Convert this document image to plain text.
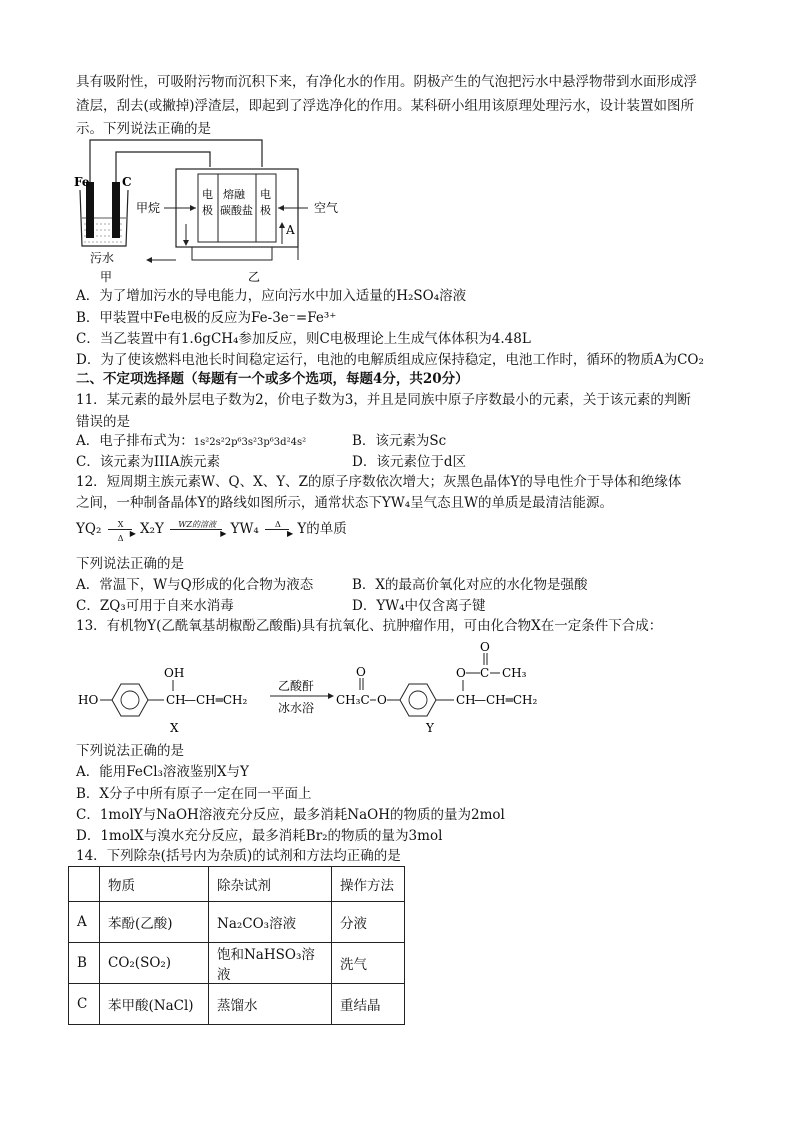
具有吸附性，可吸附污物而沉积下来，有净化水的作用。阴极产生的气泡把污水中悬浮物带到水面形成浮
渣层，刮去(或撇掉)浮渣层，即起到了浮选净化的作用。某科研小组用该原理处理污水，设计装置如图所
示。下列说法正确的是
Fe	C
污水
甲
电
极
电
极
熔融
碳酸盐
甲烷	空气
A
乙
A．为了增加污水的导电能力，应向污水中加入适量的H₂SO₄溶液
B．甲装置中Fe电极的反应为Fe-3e⁻=Fe³⁺
C．当乙装置中有1.6gCH₄参加反应，则C电极理论上生成气体体积为4.48L
D．为了使该燃料电池长时间稳定运行，电池的电解质组成应保持稳定，电池工作时，循环的物质A为CO₂
二、不定项选择题（每题有一个或多个选项，每题4分，共20分）
11．某元素的最外层电子数为2，价电子数为3，并且是同族中原子序数最小的元素，关于该元素的判断
错误的是
A．电子排布式为：1s²2s²2p⁶3s²3p⁶3d²4s²	B．该元素为Sc
C．该元素为IIIA族元素	D．该元素位于d区
12．短周期主族元素W、Q、X、Y、Z的原子序数依次增大；灰黑色晶体Y的导电性介于导体和绝缘体
之间，一种制备晶体Y的路线如图所示，通常状态下YW₄呈气态且W的单质是最清洁能源。
YQ₂ X
▶
Δ
X₂Y WZ的溶液
▶ YW₄ Δ
▶ Y的单质
下列说法正确的是
A．常温下，W与Q形成的化合物为液态	B．X的最高价氧化对应的水化物是强酸
C．ZQ₃可用于自来水消毒	D．YW₄中仅含离子键
13．有机物Y(乙酰氧基胡椒酚乙酸酯)具有抗氧化、抗肿瘤作用，可由化合物X在一定条件下合成：
HO	CH
OH
—CH═CH₂
X
乙酸酐
冰水浴
CH₃C
O
O	CH
O C
O
CH₃
—CH═CH₂
Y
下列说法正确的是
A．能用FeCl₃溶液鉴别X与Y
B．X分子中所有原子一定在同一平面上
C．1molY与NaOH溶液充分反应，最多消耗NaOH的物质的量为2mol
D．1molX与溴水充分反应，最多消耗Br₂的物质的量为3mol
14．下列除杂(括号内为杂质)的试剂和方法均正确的是
	物质	除杂试剂	操作方法
A	苯酚(乙酸)	Na₂CO₃溶液	分液
B	CO₂(SO₂)	饱和NaHSO₃溶液	洗气
C	苯甲酸(NaCl)	蒸馏水	重结晶
